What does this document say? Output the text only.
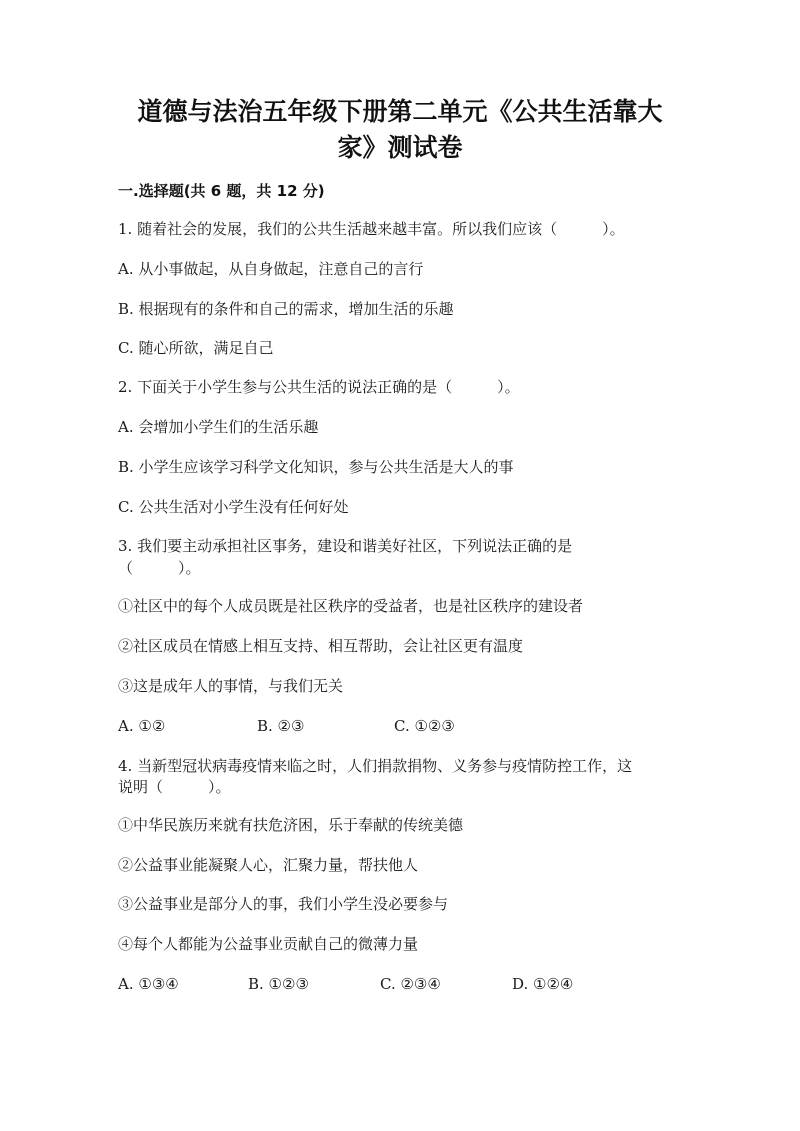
道德与法治五年级下册第二单元《公共生活靠大
家》测试卷
一.选择题(共 6 题，共 12 分)
1. 随着社会的发展，我们的公共生活越来越丰富。所以我们应该（　　　）。
A. 从小事做起，从自身做起，注意自己的言行
B. 根据现有的条件和自己的需求，增加生活的乐趣
C. 随心所欲，满足自己
2. 下面关于小学生参与公共生活的说法正确的是（　　　）。
A. 会增加小学生们的生活乐趣
B. 小学生应该学习科学文化知识，参与公共生活是大人的事
C. 公共生活对小学生没有任何好处
3. 我们要主动承担社区事务，建设和谐美好社区，下列说法正确的是
（　　　）。
①社区中的每个人成员既是社区秩序的受益者，也是社区秩序的建设者
②社区成员在情感上相互支持、相互帮助，会让社区更有温度
③这是成年人的事情，与我们无关
A. ①②	B. ②③	C. ①②③
4. 当新型冠状病毒疫情来临之时，人们捐款捐物、义务参与疫情防控工作，这
说明（　　　）。
①中华民族历来就有扶危济困，乐于奉献的传统美德
②公益事业能凝聚人心，汇聚力量，帮扶他人
③公益事业是部分人的事，我们小学生没必要参与
④每个人都能为公益事业贡献自己的微薄力量
A. ①③④	B. ①②③	C. ②③④	D. ①②④
